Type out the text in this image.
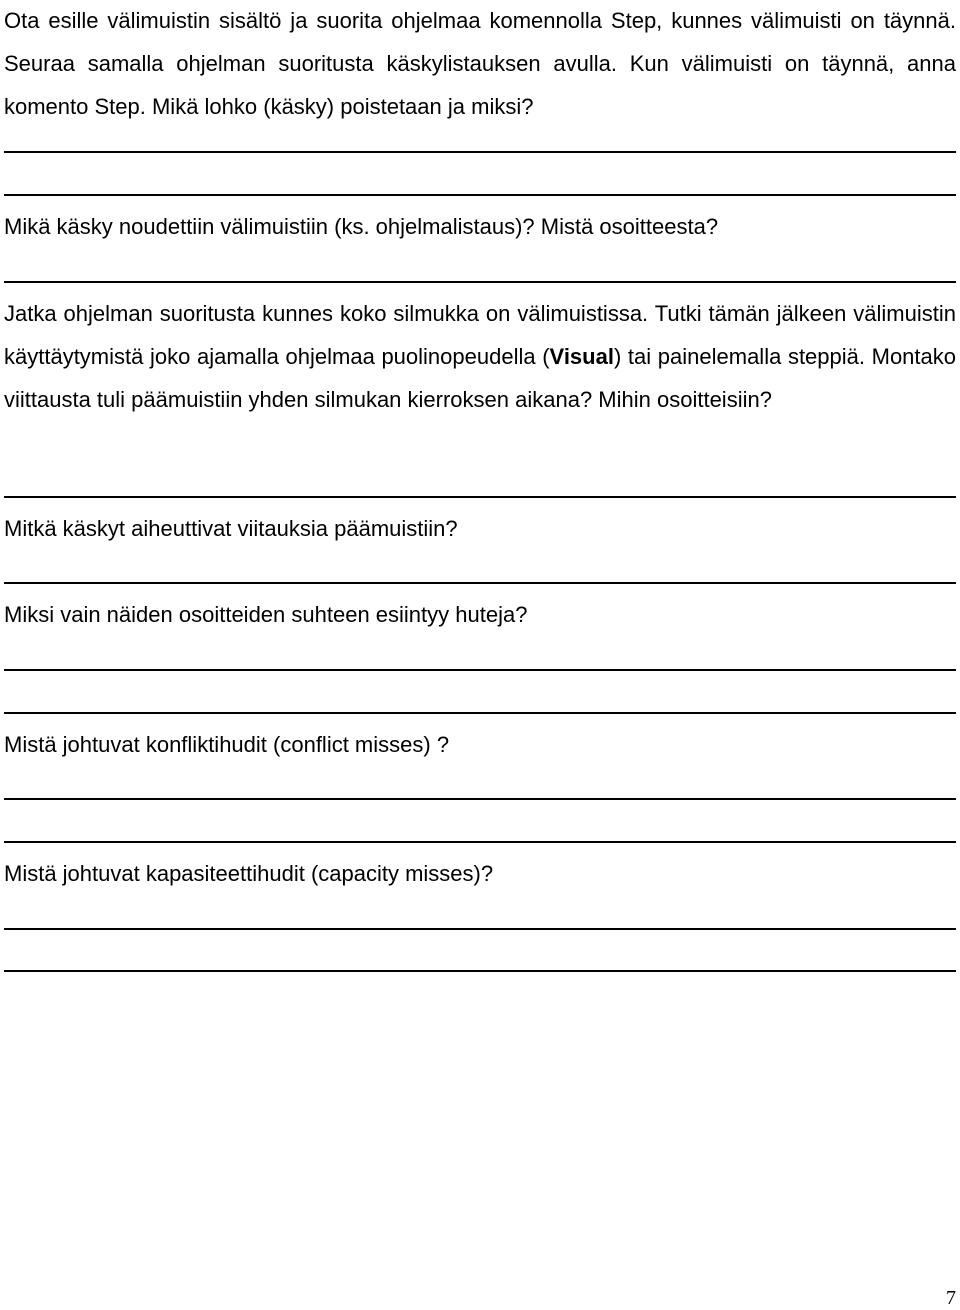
Ota esille välimuistin sisältö ja suorita ohjelmaa komennolla Step, kunnes välimuisti on täynnä. Seuraa samalla ohjelman suoritusta käskylistauksen avulla. Kun välimuisti on täynnä, anna komento Step. Mikä lohko (käsky) poistetaan ja miksi?

Mikä käsky noudettiin välimuistiin (ks. ohjelmalistaus)? Mistä osoitteesta?

Jatka ohjelman suoritusta kunnes koko silmukka on välimuistissa. Tutki tämän jälkeen välimuistin käyttäytymistä joko ajamalla ohjelmaa puolinopeudella (Visual) tai painelemalla steppiä. Montako viittausta tuli päämuistiin yhden silmukan kierroksen aikana? Mihin osoitteisiin?

Mitkä käskyt aiheuttivat viitauksia päämuistiin?

Miksi vain näiden osoitteiden suhteen esiintyy huteja?

Mistä johtuvat konfliktihudit (conflict misses) ?

Mistä johtuvat kapasiteettihudit (capacity misses)?

7
